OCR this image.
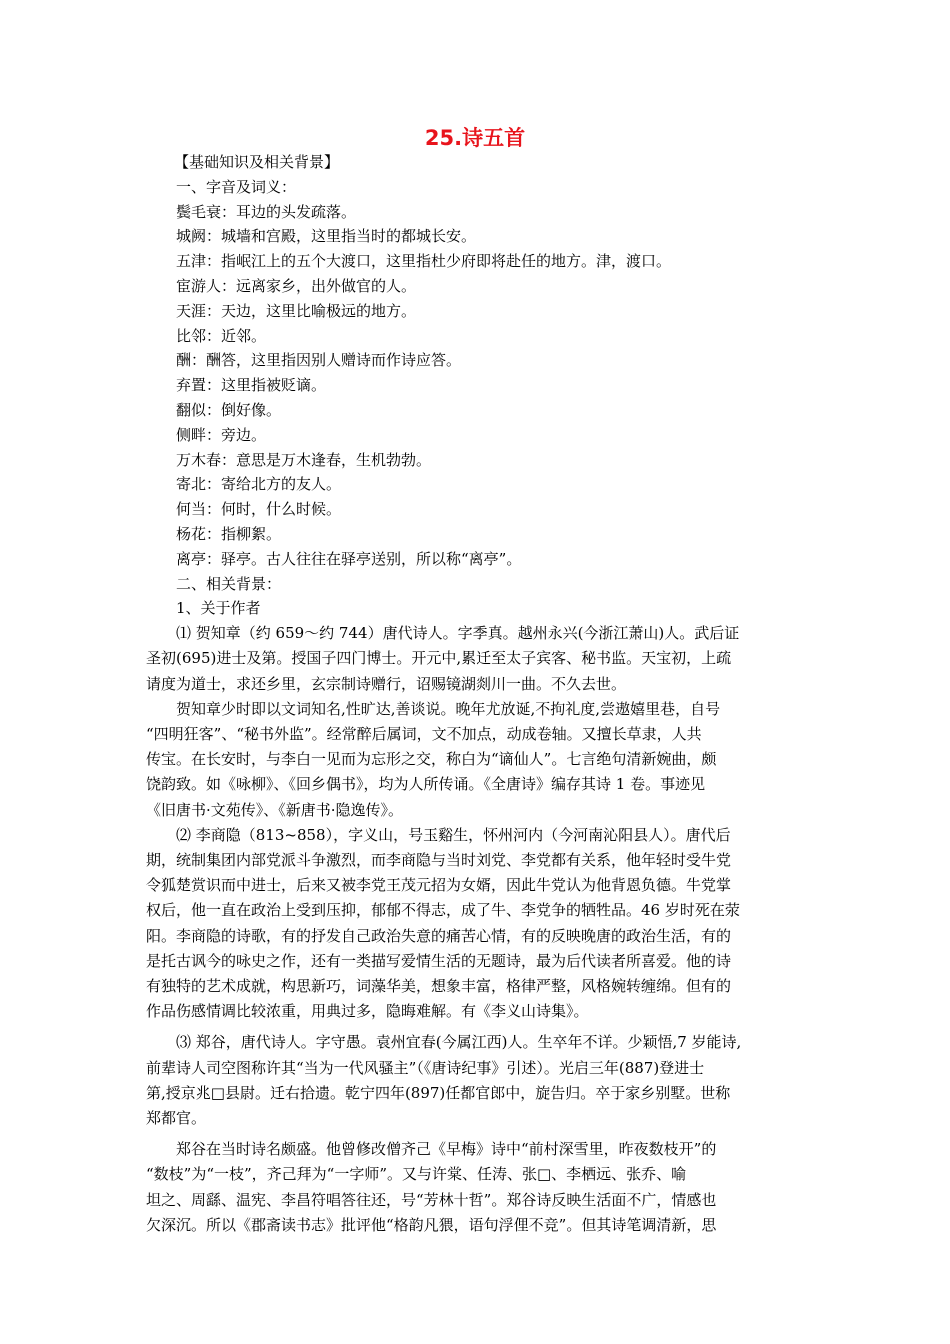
25.诗五首

【基础知识及相关背景】

一、字音及词义：

鬓毛衰：耳边的头发疏落。

城阙：城墙和宫殿，这里指当时的都城长安。

五津：指岷江上的五个大渡口，这里指杜少府即将赴任的地方。津，渡口。

宦游人：远离家乡，出外做官的人。

天涯：天边，这里比喻极远的地方。

比邻：近邻。

酬：酬答，这里指因别人赠诗而作诗应答。

弃置：这里指被贬谪。

翻似：倒好像。

侧畔：旁边。

万木春：意思是万木逢春，生机勃勃。

寄北：寄给北方的友人。

何当：何时，什么时候。

杨花：指柳絮。

离亭：驿亭。古人往往在驿亭送别，所以称“离亭”。

二、相关背景：

1、关于作者

⑴ 贺知章（约 659～约 744）唐代诗人。字季真。越州永兴(今浙江萧山)人。武后证
圣初(695)进士及第。授国子四门博士。开元中,累迁至太子宾客、秘书监。天宝初，上疏
请度为道士，求还乡里，玄宗制诗赠行，诏赐镜湖剡川一曲。不久去世。
贺知章少时即以文词知名,性旷达,善谈说。晚年尤放诞,不拘礼度,尝遨嬉里巷，自号
“四明狂客”、“秘书外监”。经常醉后属词，文不加点，动成卷轴。又擅长草隶，人共
传宝。在长安时，与李白一见而为忘形之交，称白为“谪仙人”。七言绝句清新婉曲，颇
饶韵致。如《咏柳》、《回乡偶书》，均为人所传诵。《全唐诗》编存其诗 1 卷。事迹见
《旧唐书·文苑传》、《新唐书·隐逸传》。
⑵ 李商隐（813~858），字义山，号玉谿生，怀州河内（今河南沁阳县人）。唐代后
期，统制集团内部党派斗争激烈，而李商隐与当时刘党、李党都有关系，他年轻时受牛党
令狐楚赏识而中进士，后来又被李党王茂元招为女婿，因此牛党认为他背恩负德。牛党掌
权后，他一直在政治上受到压抑，郁郁不得志，成了牛、李党争的牺牲品。46 岁时死在荥
阳。李商隐的诗歌，有的抒发自己政治失意的痛苦心情，有的反映晚唐的政治生活，有的
是托古讽今的咏史之作，还有一类描写爱情生活的无题诗，最为后代读者所喜爱。他的诗
有独特的艺术成就，构思新巧，词藻华美，想象丰富，格律严整，风格婉转缠绵。但有的
作品伤感情调比较浓重，用典过多，隐晦难解。有《李义山诗集》。
⑶ 郑谷，唐代诗人。字守愚。袁州宜春(今属江西)人。生卒年不详。少颖悟,7 岁能诗,
前辈诗人司空图称许其“当为一代风骚主”（《唐诗纪事》引述）。光启三年(887)登进士
第,授京兆□县尉。迁右拾遗。乾宁四年(897)任都官郎中，旋告归。卒于家乡别墅。世称
郑都官。
郑谷在当时诗名颇盛。他曾修改僧齐己《早梅》诗中“前村深雪里，昨夜数枝开”的
“数枝”为“一枝”，齐己拜为“一字师”。又与许棠、任涛、张□、李栖远、张乔、喻
坦之、周繇、温宪、李昌符唱答往还，号“芳林十哲”。郑谷诗反映生活面不广，情感也
欠深沉。所以《郡斋读书志》批评他“格韵凡猥，语句浮俚不竞”。但其诗笔调清新，思
